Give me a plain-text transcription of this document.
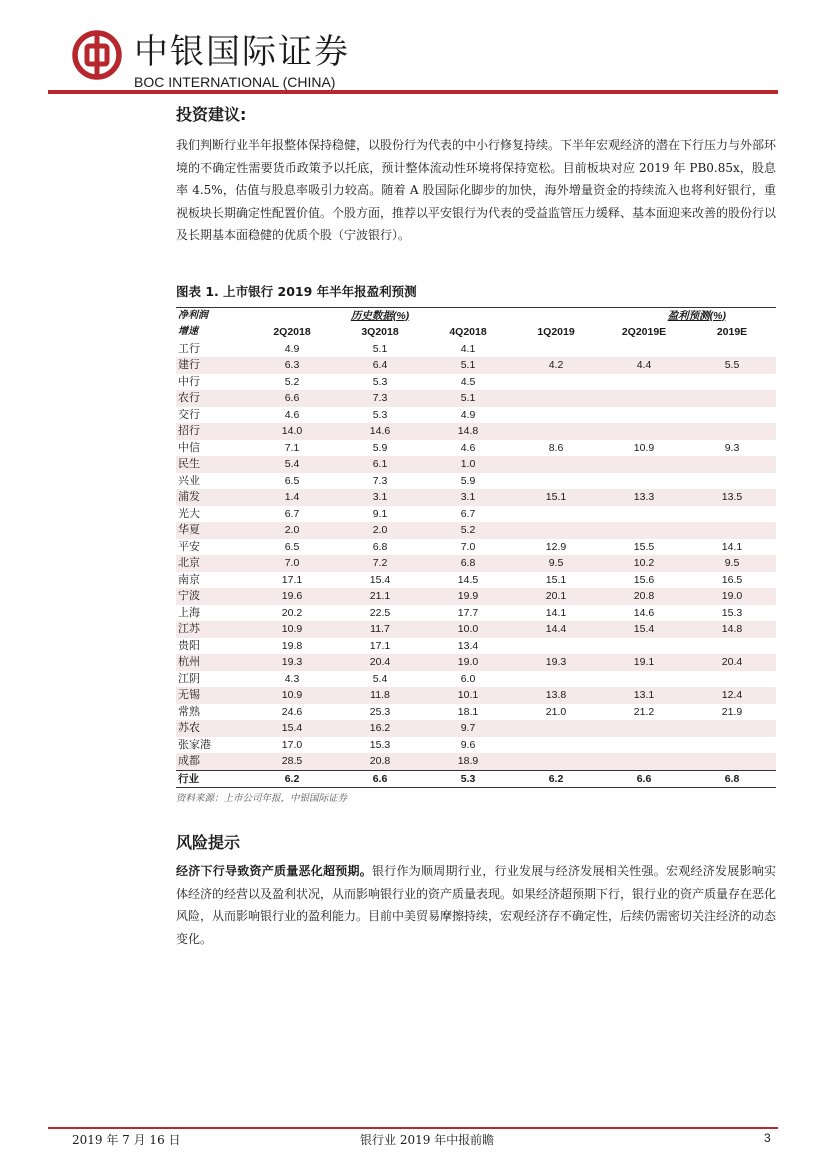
中银国际证券
BOC INTERNATIONAL (CHINA)
投资建议:

我们判断行业半年报整体保持稳健，以股份行为代表的中小行修复持续。下半年宏观经济的潜在下行压力与外部环境的不确定性需要货币政策予以托底，预计整体流动性环境将保持宽松。目前板块对应 2019 年 PB0.85x，股息率 4.5%，估值与股息率吸引力较高。随着 A 股国际化脚步的加快，海外增量资金的持续流入也将利好银行，重视板块长期确定性配置价值。个股方面，推荐以平安银行为代表的受益监管压力缓释、基本面迎来改善的股份行以及长期基本面稳健的优质个股（宁波银行）。

图表 1. 上市银行 2019 年半年报盈利预测

净利润	历史数据(%)				盈利预测(%)	
增速	2Q2018	3Q2018	4Q2018	1Q2019	2Q2019E	2019E
工行	4.9	5.1	4.1			
建行	6.3	6.4	5.1	4.2	4.4	5.5
中行	5.2	5.3	4.5			
农行	6.6	7.3	5.1			
交行	4.6	5.3	4.9			
招行	14.0	14.6	14.8			
中信	7.1	5.9	4.6	8.6	10.9	9.3
民生	5.4	6.1	1.0			
兴业	6.5	7.3	5.9			
浦发	1.4	3.1	3.1	15.1	13.3	13.5
光大	6.7	9.1	6.7			
华夏	2.0	2.0	5.2			
平安	6.5	6.8	7.0	12.9	15.5	14.1
北京	7.0	7.2	6.8	9.5	10.2	9.5
南京	17.1	15.4	14.5	15.1	15.6	16.5
宁波	19.6	21.1	19.9	20.1	20.8	19.0
上海	20.2	22.5	17.7	14.1	14.6	15.3
江苏	10.9	11.7	10.0	14.4	15.4	14.8
贵阳	19.8	17.1	13.4			
杭州	19.3	20.4	19.0	19.3	19.1	20.4
江阴	4.3	5.4	6.0			
无锡	10.9	11.8	10.1	13.8	13.1	12.4
常熟	24.6	25.3	18.1	21.0	21.2	21.9
苏农	15.4	16.2	9.7			
张家港	17.0	15.3	9.6			
成都	28.5	20.8	18.9			
行业	6.2	6.6	5.3	6.2	6.6	6.8
资料来源：上市公司年报，中银国际证券
风险提示

经济下行导致资产质量恶化超预期。银行作为顺周期行业，行业发展与经济发展相关性强。宏观经济发展影响实体经济的经营以及盈利状况，从而影响银行业的资产质量表现。如果经济超预期下行，银行业的资产质量存在恶化风险，从而影响银行业的盈利能力。目前中美贸易摩擦持续，宏观经济存不确定性，后续仍需密切关注经济的动态变化。

2019 年 7 月 16 日	银行业 2019 年中报前瞻	3
